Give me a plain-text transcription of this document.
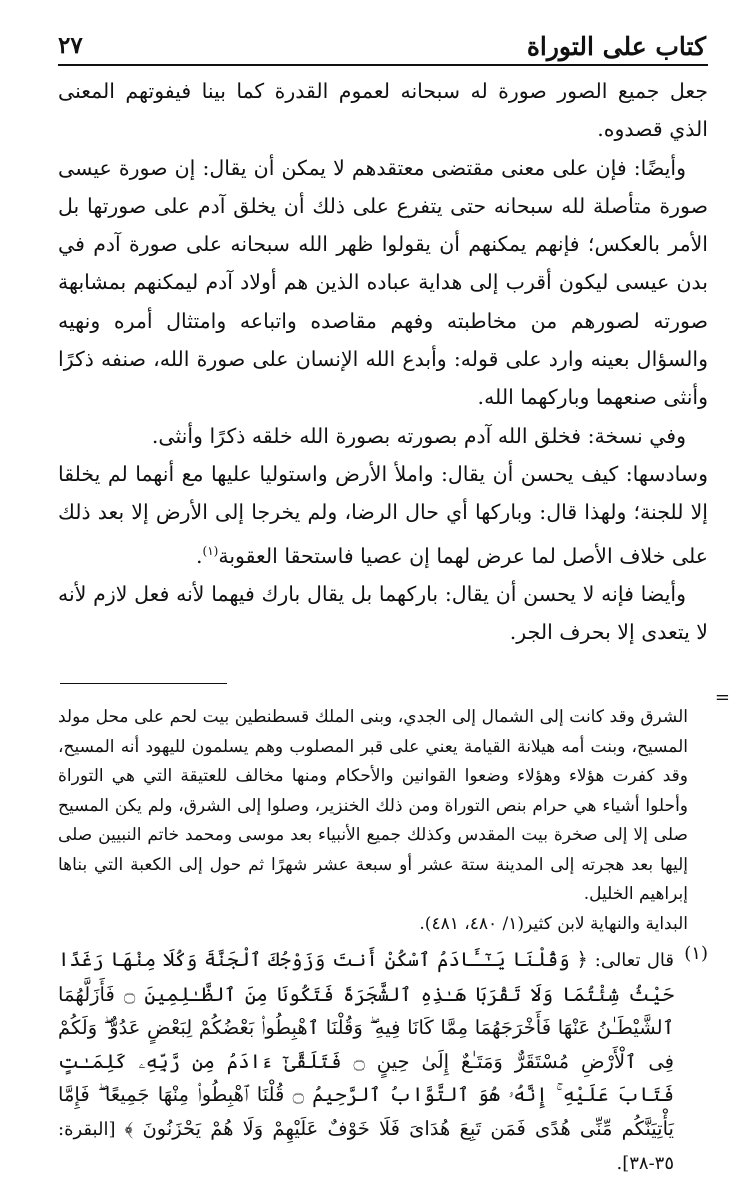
كتاب على التوراة
٢٧

جعل جميع الصور صورة له سبحانه لعموم القدرة كما بينا فيفوتهم المعنى الذي قصدوه.

وأيضًا: فإن على معنى مقتضى معتقدهم لا يمكن أن يقال: إن صورة عيسى صورة متأصلة لله سبحانه حتى يتفرع على ذلك أن يخلق آدم على صورتها بل الأمر بالعكس؛ فإنهم يمكنهم أن يقولوا ظهر الله سبحانه على صورة آدم في بدن عيسى ليكون أقرب إلى هداية عباده الذين هم أولاد آدم ليمكنهم بمشابهة صورته لصورهم من مخاطبته وفهم مقاصده واتباعه وامتثال أمره ونهيه والسؤال بعينه وارد على قوله: وأبدع الله الإنسان على صورة الله، صنفه ذكرًا وأنثى صنعهما وباركهما الله.

وفي نسخة: فخلق الله آدم بصورته بصورة الله خلقه ذكرًا وأنثى.

وسادسها: كيف يحسن أن يقال: واملأ الأرض واستوليا عليها مع أنهما لم يخلقا إلا للجنة؛ ولهذا قال: وباركها أي حال الرضا، ولم يخرجا إلى الأرض إلا بعد ذلك على خلاف الأصل لما عرض لهما إن عصيا فاستحقا العقوبة$^{(١)}$.

وأيضا فإنه لا يحسن أن يقال: باركهما بل يقال بارك فيهما لأنه فعل لازم لأنه لا يتعدى إلا بحرف الجر.

=

الشرق وقد كانت إلى الشمال إلى الجدي، وبنى الملك قسطنطين بيت لحم على محل مولد المسيح، وبنت أمه هيلانة القيامة يعني على قبر المصلوب وهم يسلمون لليهود أنه المسيح، وقد كفرت هؤلاء وهؤلاء وضعوا القوانين والأحكام ومنها مخالف للعتيقة التي هي التوراة وأحلوا أشياء هي حرام بنص التوراة ومن ذلك الخنزير، وصلوا إلى الشرق، ولم يكن المسيح صلى إلا إلى صخرة بيت المقدس وكذلك جميع الأنبياء بعد موسى ومحمد خاتم النبيين صلى إليها بعد هجرته إلى المدينة ستة عشر أو سبعة عشر شهرًا ثم حول إلى الكعبة التي بناها إبراهيم الخليل.

البداية والنهاية لابن كثير(١/ ٤٨٠، ٤٨١).

(١)

قال تعالى: ﴿ وَقُلْنَا يَـٰٓـَٔادَمُ ٱسْكُنْ أَنتَ وَزَوْجُكَ ٱلْجَنَّةَ وَكُلَا مِنْهَا رَغَدًا حَيْثُ شِئْتُمَا وَلَا تَقْرَبَا هَـٰذِهِ ٱلشَّجَرَةَ فَتَكُونَا مِنَ ٱلظَّـٰلِمِينَ ۝ فَأَزَلَّهُمَا ٱلشَّيْطَـٰنُ عَنْهَا فَأَخْرَجَهُمَا مِمَّا كَانَا فِيهِ ۖ وَقُلْنَا ٱهْبِطُوا۟ بَعْضُكُمْ لِبَعْضٍ عَدُوٌّ ۖ وَلَكُمْ فِى ٱلْأَرْضِ مُسْتَقَرٌّ وَمَتَـٰعٌ إِلَىٰ حِينٍ ۝ فَتَلَقَّىٰٓ ءَادَمُ مِن رَّبِّهِۦ كَلِمَـٰتٍ فَتَابَ عَلَيْهِ ۚ إِنَّهُۥ هُوَ ٱلتَّوَّابُ ٱلرَّحِيمُ ۝ قُلْنَا ٱهْبِطُوا۟ مِنْهَا جَمِيعًا ۖ فَإِمَّا يَأْتِيَنَّكُم مِّنِّى هُدًى فَمَن تَبِعَ هُدَاىَ فَلَا خَوْفٌ عَلَيْهِمْ وَلَا هُمْ يَحْزَنُونَ ﴾ [البقرة: ٣٥-٣٨].
